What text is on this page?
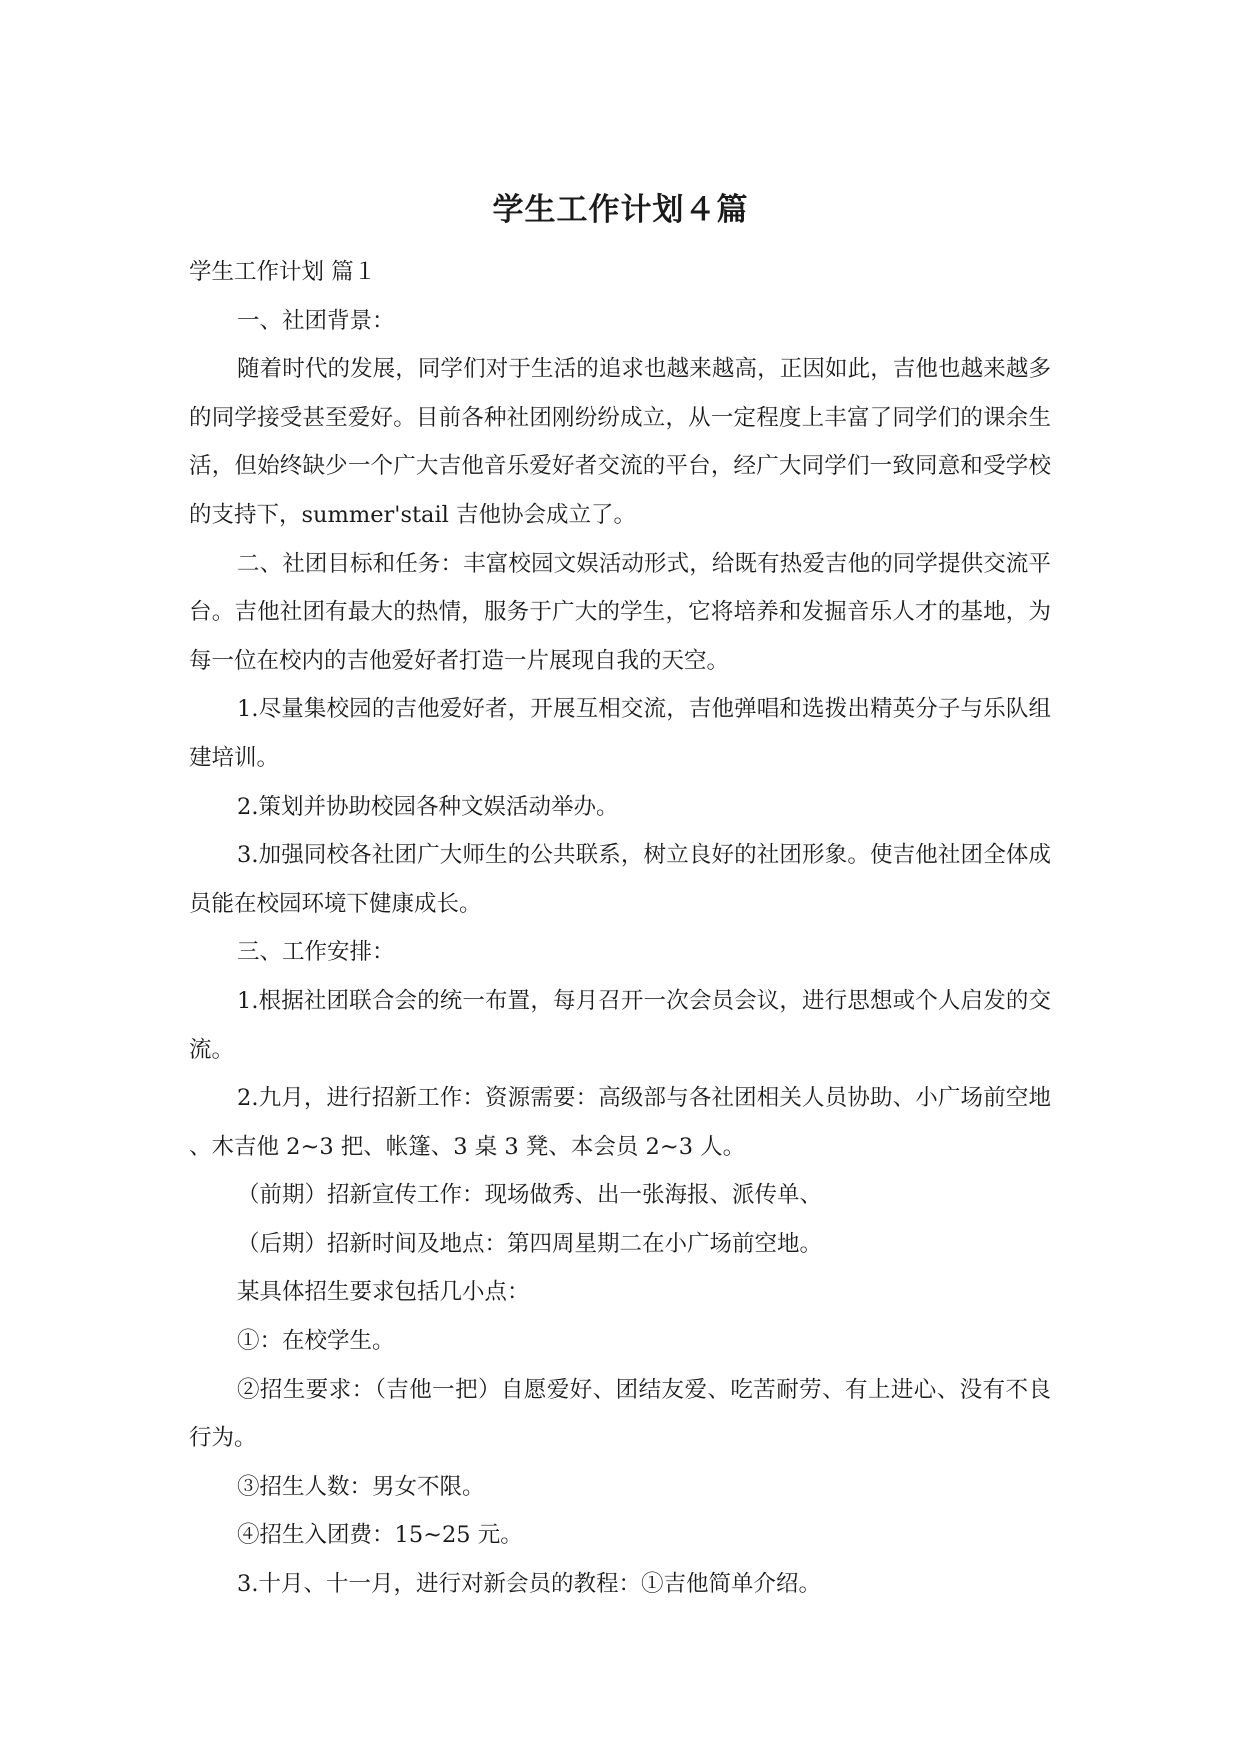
学生工作计划４篇

学生工作计划 篇１

一、社团背景：

随着时代的发展，同学们对于生活的追求也越来越高，正因如此，吉他也越来越多的同学接受甚至爱好。目前各种社团刚纷纷成立，从一定程度上丰富了同学们的课余生活，但始终缺少一个广大吉他音乐爱好者交流的平台，经广大同学们一致同意和受学校的支持下，summer'stail 吉他协会成立了。

二、社团目标和任务：丰富校园文娱活动形式，给既有热爱吉他的同学提供交流平台。吉他社团有最大的热情，服务于广大的学生，它将培养和发掘音乐人才的基地，为每一位在校内的吉他爱好者打造一片展现自我的天空。

1.尽量集校园的吉他爱好者，开展互相交流，吉他弹唱和选拨出精英分子与乐队组建培训。

2.策划并协助校园各种文娱活动举办。

3.加强同校各社团广大师生的公共联系，树立良好的社团形象。使吉他社团全体成员能在校园环境下健康成长。

三、工作安排：

1.根据社团联合会的统一布置，每月召开一次会员会议，进行思想或个人启发的交流。

2.九月，进行招新工作：资源需要：高级部与各社团相关人员协助、小广场前空地、木吉他 2~3 把、帐篷、3 桌 3 凳、本会员 2~3 人。

（前期）招新宣传工作：现场做秀、出一张海报、派传单、

（后期）招新时间及地点：第四周星期二在小广场前空地。

某具体招生要求包括几小点：

①：在校学生。

②招生要求：（吉他一把）自愿爱好、团结友爱、吃苦耐劳、有上进心、没有不良行为。

③招生人数：男女不限。

④招生入团费：15~25 元。

3.十月、十一月，进行对新会员的教程：①吉他简单介绍。
